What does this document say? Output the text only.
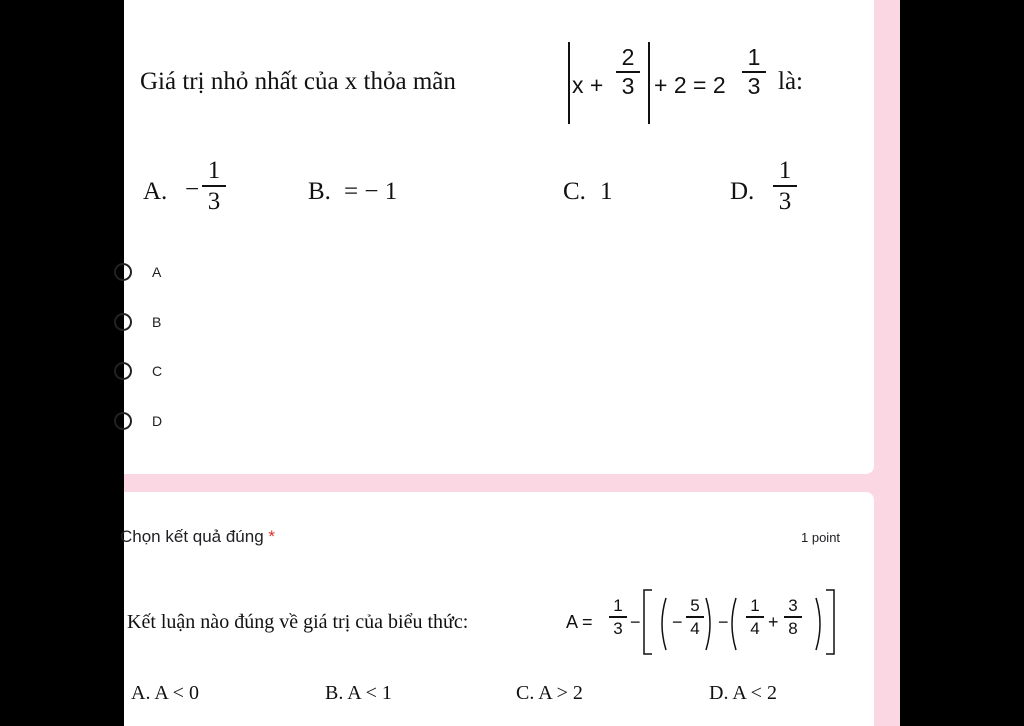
Giá trị nhỏ nhất của x thỏa mãn	x +
2
3 + 2 = 2
1
3 là:
A. −
1
3	B. = − 1	C. 1	D.
1
3
A
B
C
D
Chọn kết quả đúng *	1 point
Kết luận nào đúng về giá trị của biểu thức:	A =
1
3 − −
5
4 −
1
4 +
3
8
A. A < 0	B. A < 1	C. A > 2	D. A < 2
